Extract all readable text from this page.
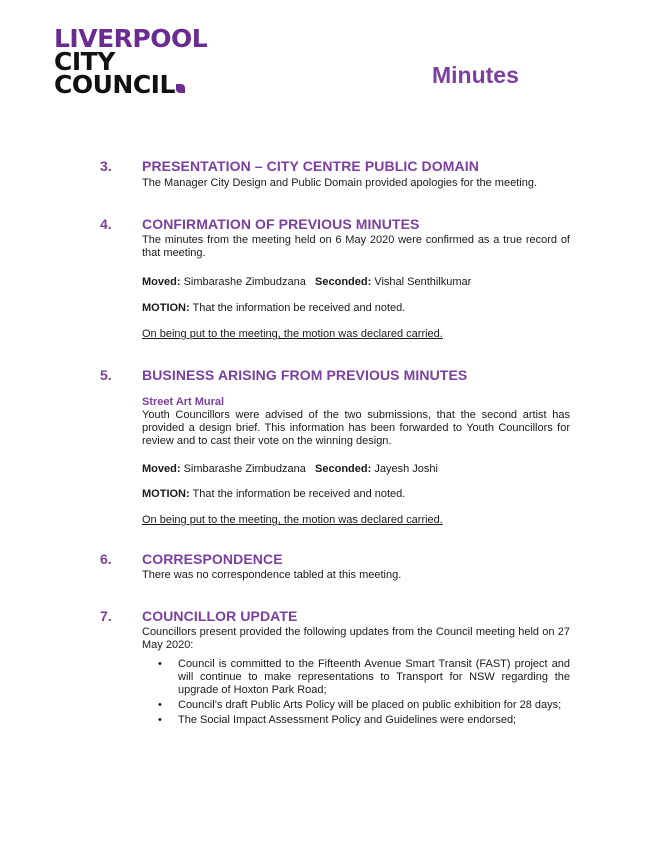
LIVERPOOL
CITY
COUNCIL	Minutes
3. PRESENTATION – CITY CENTRE PUBLIC DOMAIN
The Manager City Design and Public Domain provided apologies for the meeting.
4. CONFIRMATION OF PREVIOUS MINUTES
The minutes from the meeting held on 6 May 2020 were confirmed as a true record of that meeting.
Moved: Simbarashe Zimbudzana Seconded: Vishal Senthilkumar
MOTION: That the information be received and noted.
On being put to the meeting, the motion was declared carried.
5. BUSINESS ARISING FROM PREVIOUS MINUTES
Street Art Mural
Youth Councillors were advised of the two submissions, that the second artist has provided a design brief. This information has been forwarded to Youth Councillors for review and to cast their vote on the winning design.
Moved: Simbarashe Zimbudzana Seconded: Jayesh Joshi
MOTION: That the information be received and noted.
On being put to the meeting, the motion was declared carried.
6. CORRESPONDENCE
There was no correspondence tabled at this meeting.
7. COUNCILLOR UPDATE
Councillors present provided the following updates from the Council meeting held on 27 May 2020:
• Council is committed to the Fifteenth Avenue Smart Transit (FAST) project and will continue to make representations to Transport for NSW regarding the upgrade of Hoxton Park Road;
• Council’s draft Public Arts Policy will be placed on public exhibition for 28 days;
• The Social Impact Assessment Policy and Guidelines were endorsed;
